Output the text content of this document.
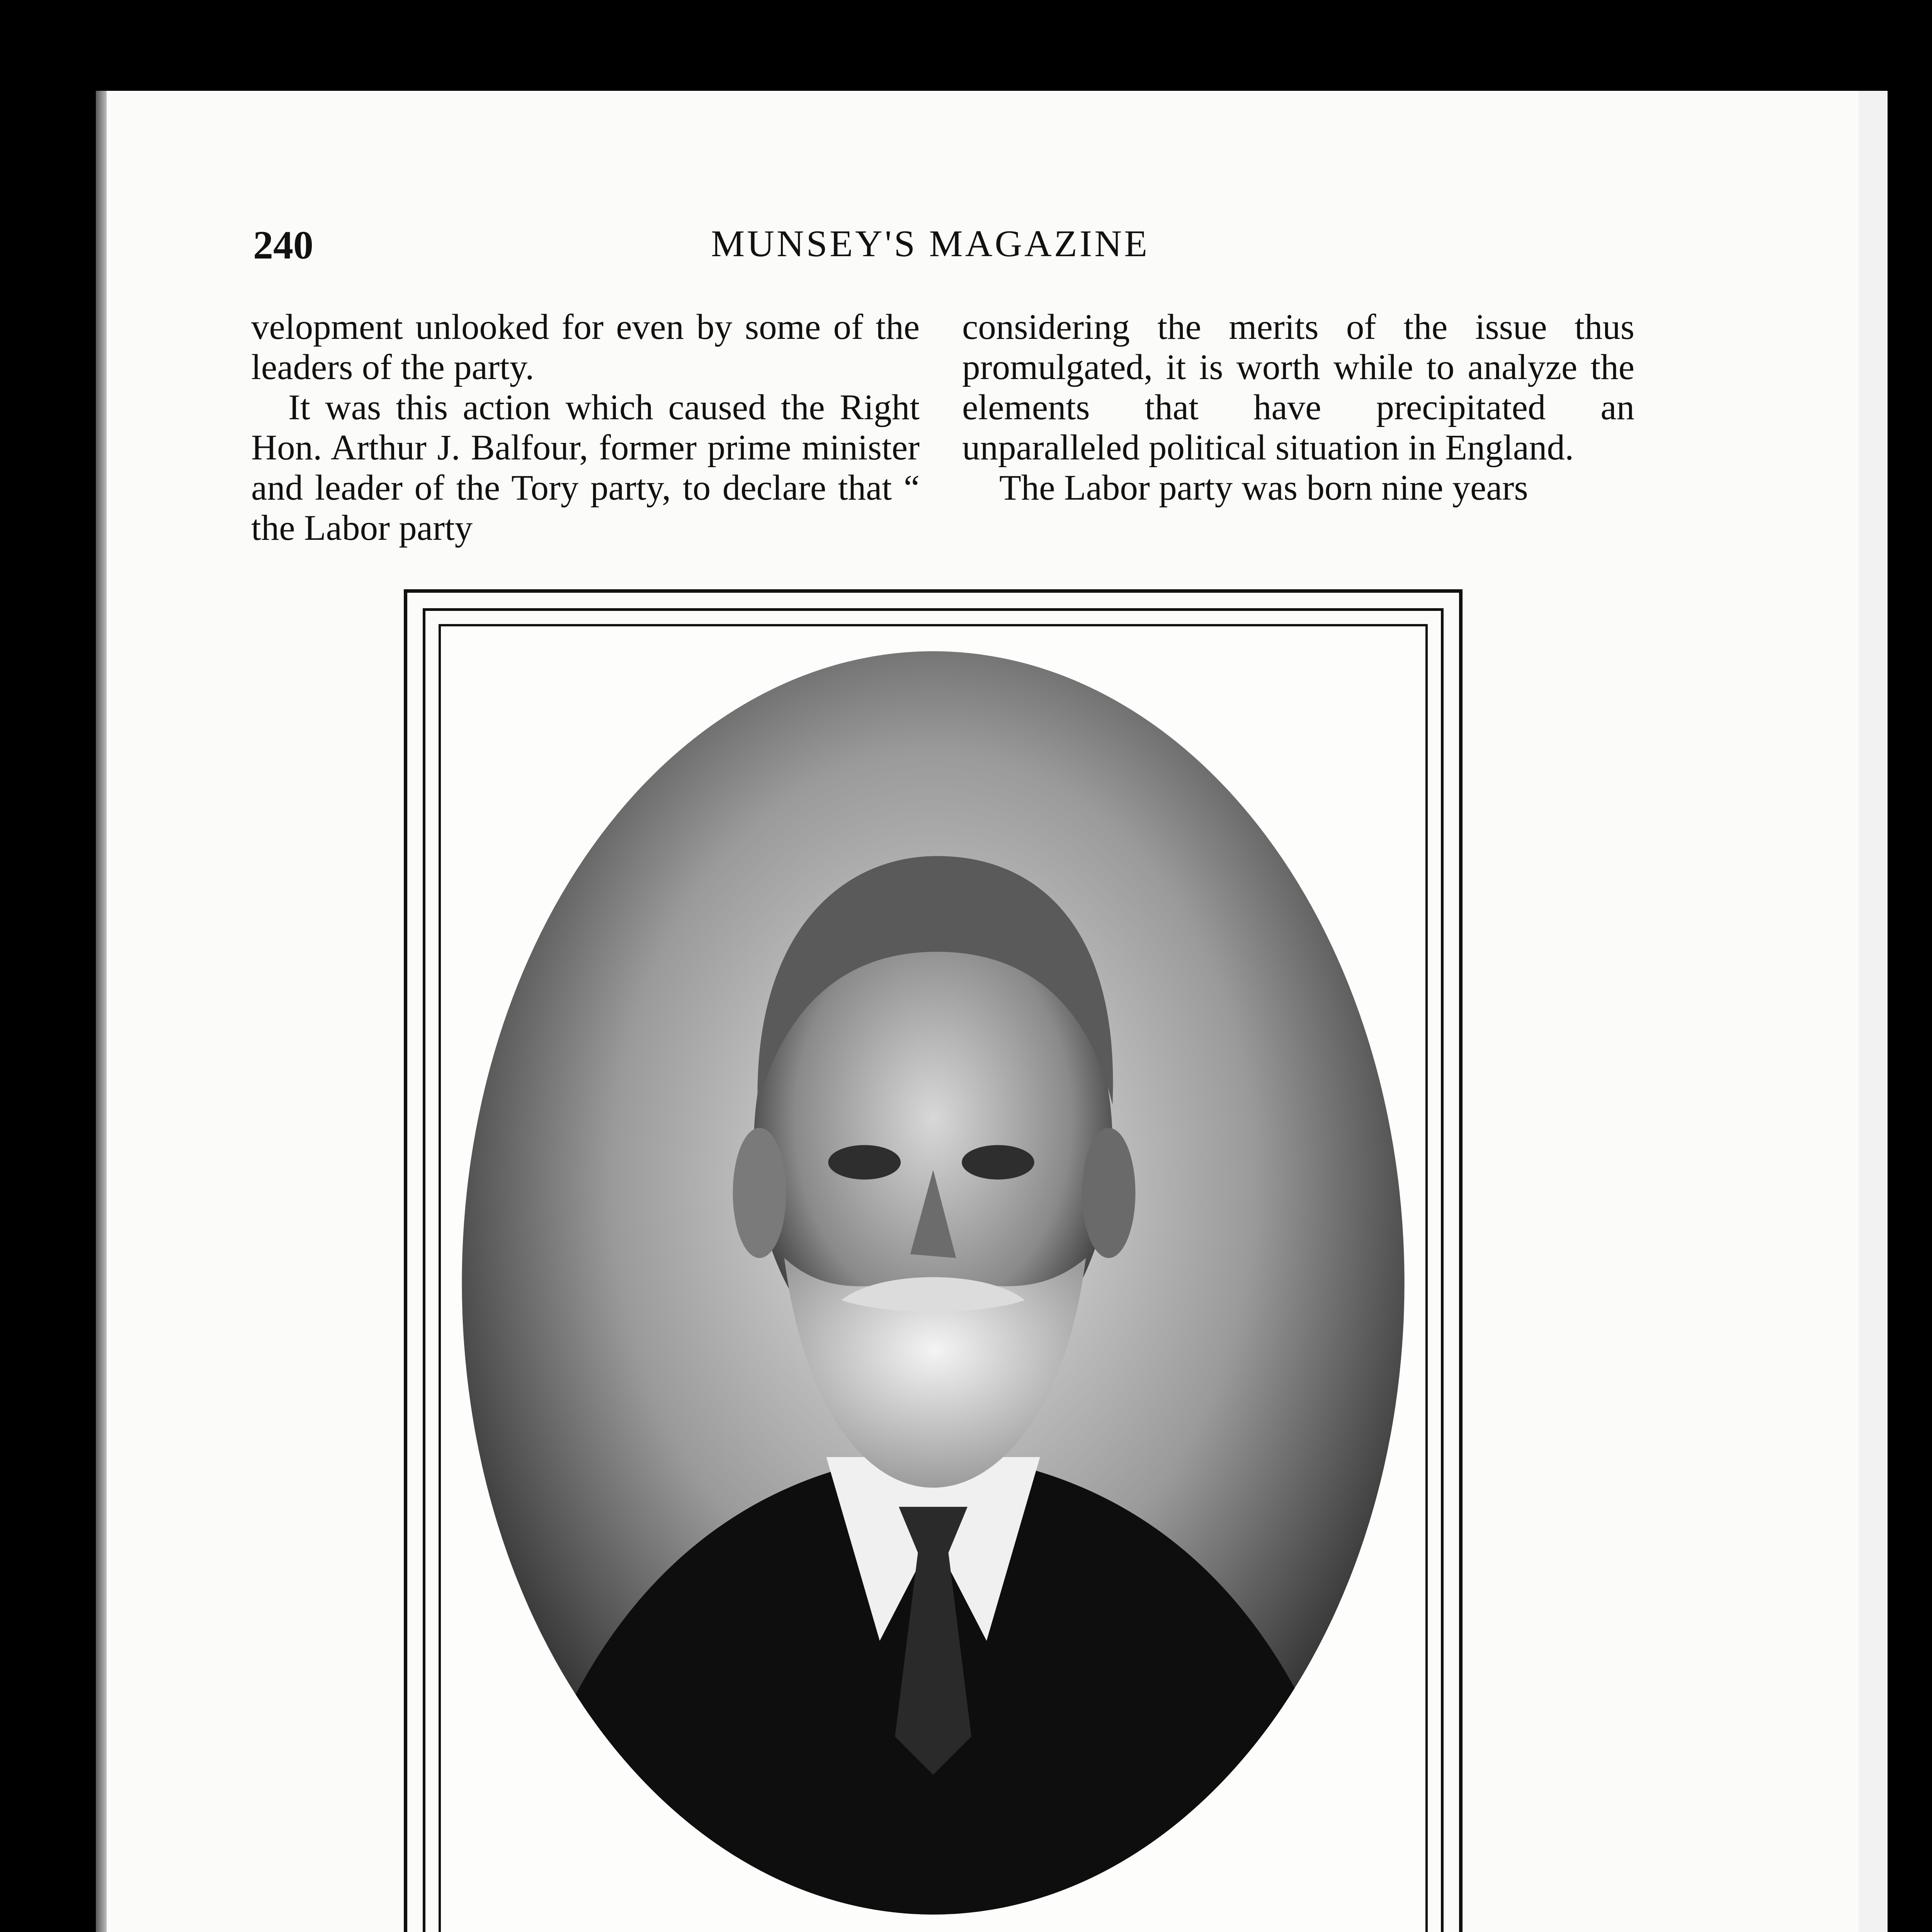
240	MUNSEY'S MAGAZINE

velopment unlooked for even by some of the leaders of the party.

It was this action which caused the Right Hon. Arthur J. Balfour, former prime minister and leader of the Tory party, to declare that “ the Labor party

considering the merits of the issue thus promulgated, it is worth while to analyze the elements that have precipitated an unparalleled political situation in England.

The Labor party was born nine years
